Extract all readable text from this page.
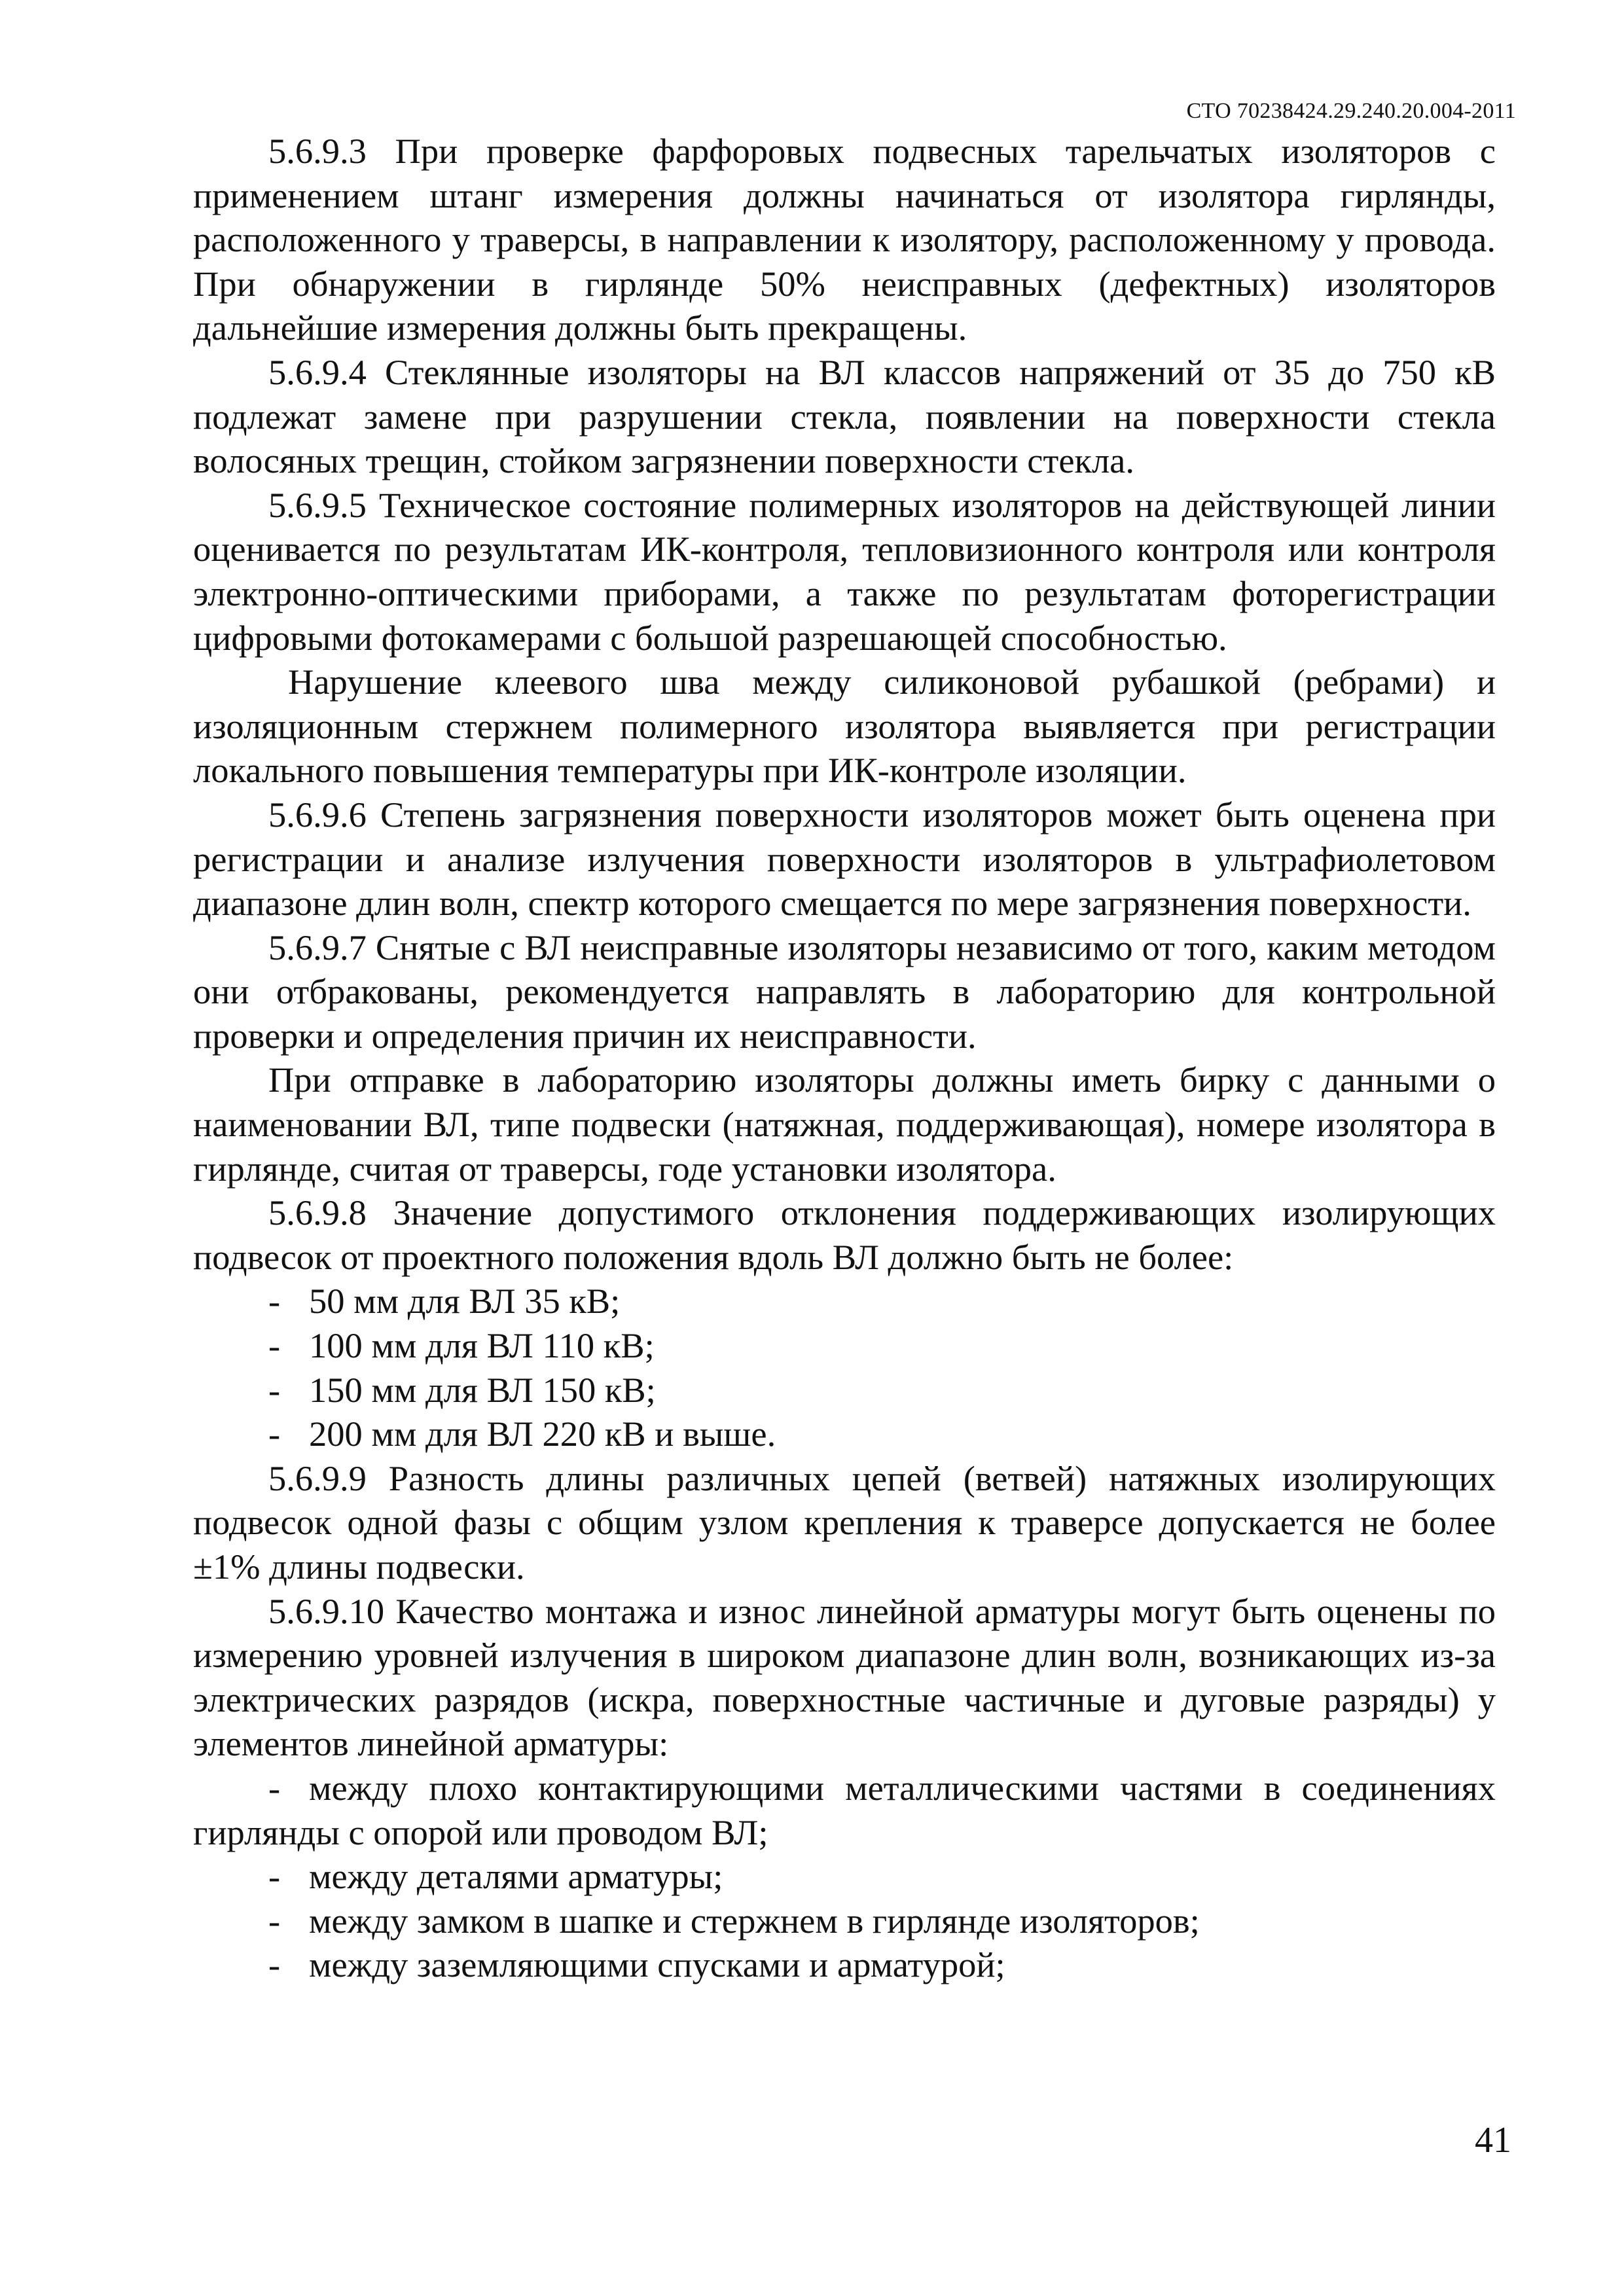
СТО 70238424.29.240.20.004-2011

5.6.9.3 При проверке фарфоровых подвесных тарельчатых изоляторов с применением штанг измерения должны начинаться от изолятора гирлянды, расположенного у траверсы, в направлении к изолятору, расположенному у провода. При обнаружении в гирлянде 50% неисправных (дефектных) изоляторов дальнейшие измерения должны быть прекращены.

5.6.9.4 Стеклянные изоляторы на ВЛ классов напряжений от 35 до 750 кВ подлежат замене при разрушении стекла, появлении на поверхности стекла волосяных трещин, стойком загрязнении поверхности стекла.

5.6.9.5 Техническое состояние полимерных изоляторов на действующей линии оценивается по результатам ИК-контроля, тепловизионного контроля или контроля электронно-оптическими приборами, а также по результатам фоторегистрации цифровыми фотокамерами с большой разрешающей способностью.

Нарушение клеевого шва между силиконовой рубашкой (ребрами) и изоляционным стержнем полимерного изолятора выявляется при регистрации локального повышения температуры при ИК-контроле изоляции.

5.6.9.6 Степень загрязнения поверхности изоляторов может быть оценена при регистрации и анализе излучения поверхности изоляторов в ультрафиолетовом диапазоне длин волн, спектр которого смещается по мере загрязнения поверхности.

5.6.9.7 Снятые с ВЛ неисправные изоляторы независимо от того, каким методом они отбракованы, рекомендуется направлять в лабораторию для контрольной проверки и определения причин их неисправности.

При отправке в лабораторию изоляторы должны иметь бирку с данными о наименовании ВЛ, типе подвески (натяжная, поддерживающая), номере изолятора в гирлянде, считая от траверсы, годе установки изолятора.

5.6.9.8 Значение допустимого отклонения поддерживающих изолирующих подвесок от проектного положения вдоль ВЛ должно быть не более:

- 50 мм для ВЛ 35 кВ;

- 100 мм для ВЛ 110 кВ;

- 150 мм для ВЛ 150 кВ;

- 200 мм для ВЛ 220 кВ и выше.

5.6.9.9 Разность длины различных цепей (ветвей) натяжных изолирующих подвесок одной фазы с общим узлом крепления к траверсе допускается не более ±1% длины подвески.

5.6.9.10 Качество монтажа и износ линейной арматуры могут быть оценены по измерению уровней излучения в широком диапазоне длин волн, возникающих из-за электрических разрядов (искра, поверхностные частичные и дуговые разряды) у элементов линейной арматуры:

- между плохо контактирующими металлическими частями в соединениях гирлянды с опорой или проводом ВЛ;

- между деталями арматуры;

- между замком в шапке и стержнем в гирлянде изоляторов;

- между заземляющими спусками и арматурой;

41
